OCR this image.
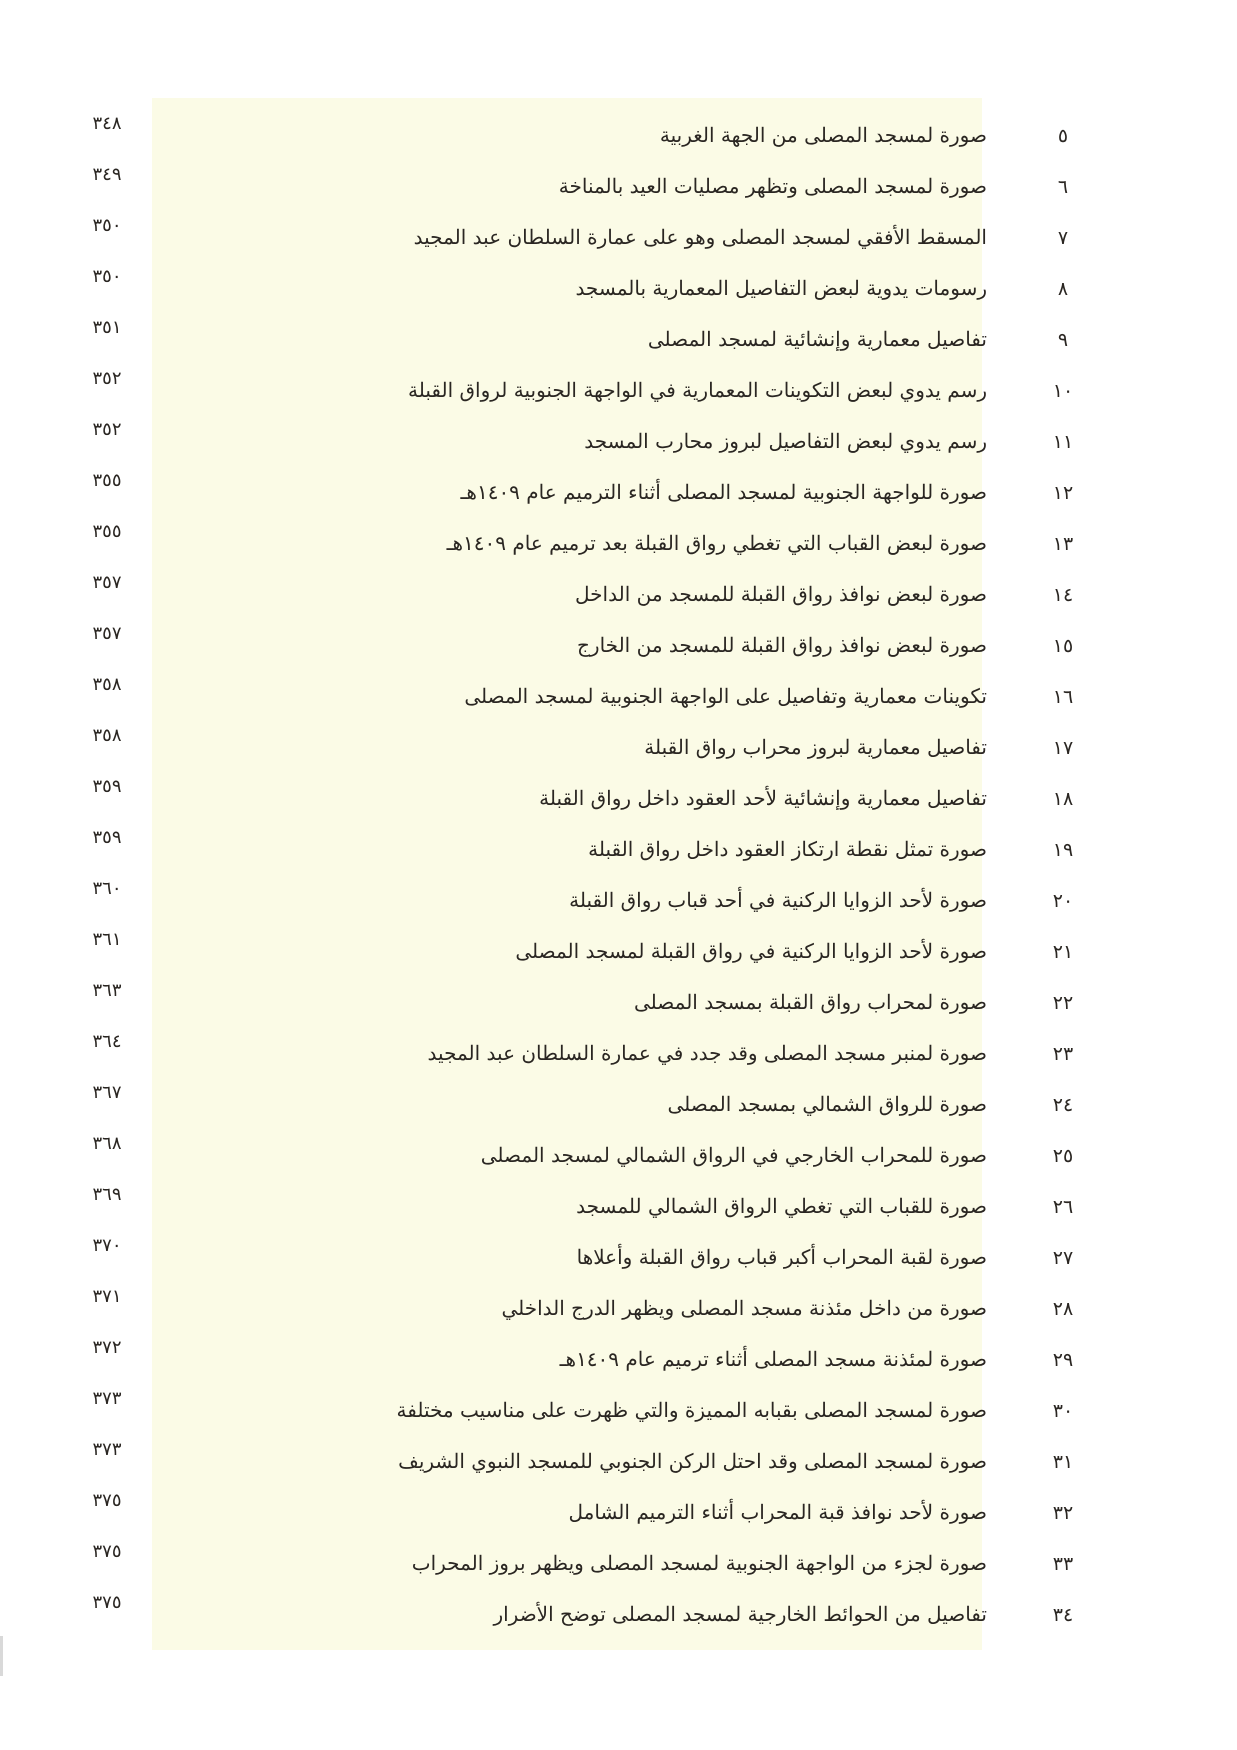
٥
صورة لمسجد المصلى من الجهة الغربية
٣٤٨
٦
صورة لمسجد المصلى وتظهر مصليات العيد بالمناخة
٣٤٩
٧
المسقط الأفقي لمسجد المصلى وهو على عمارة السلطان عبد المجيد
٣٥٠
٨
رسومات يدوية لبعض التفاصيل المعمارية بالمسجد
٣٥٠
٩
تفاصيل معمارية وإنشائية لمسجد المصلى
٣٥١
١٠
رسم يدوي لبعض التكوينات المعمارية في الواجهة الجنوبية لرواق القبلة
٣٥٢
١١
رسم يدوي لبعض التفاصيل لبروز محارب المسجد
٣٥٢
١٢
صورة للواجهة الجنوبية لمسجد المصلى أثناء الترميم عام ١٤٠٩هـ
٣٥٥
١٣
صورة لبعض القباب التي تغطي رواق القبلة بعد ترميم عام ١٤٠٩هـ
٣٥٥
١٤
صورة لبعض نوافذ رواق القبلة للمسجد من الداخل
٣٥٧
١٥
صورة لبعض نوافذ رواق القبلة للمسجد من الخارج
٣٥٧
١٦
تكوينات معمارية وتفاصيل على الواجهة الجنوبية لمسجد المصلى
٣٥٨
١٧
تفاصيل معمارية لبروز محراب رواق القبلة
٣٥٨
١٨
تفاصيل معمارية وإنشائية لأحد العقود داخل رواق القبلة
٣٥٩
١٩
صورة تمثل نقطة ارتكاز العقود داخل رواق القبلة
٣٥٩
٢٠
صورة لأحد الزوايا الركنية في أحد قباب رواق القبلة
٣٦٠
٢١
صورة لأحد الزوايا الركنية في رواق القبلة لمسجد المصلى
٣٦١
٢٢
صورة لمحراب رواق القبلة بمسجد المصلى
٣٦٣
٢٣
صورة لمنبر مسجد المصلى وقد جدد في عمارة السلطان عبد المجيد
٣٦٤
٢٤
صورة للرواق الشمالي بمسجد المصلى
٣٦٧
٢٥
صورة للمحراب الخارجي في الرواق الشمالي لمسجد المصلى
٣٦٨
٢٦
صورة للقباب التي تغطي الرواق الشمالي للمسجد
٣٦٩
٢٧
صورة لقبة المحراب أكبر قباب رواق القبلة وأعلاها
٣٧٠
٢٨
صورة من داخل مئذنة مسجد المصلى ويظهر الدرج الداخلي
٣٧١
٢٩
صورة لمئذنة مسجد المصلى أثناء ترميم عام ١٤٠٩هـ
٣٧٢
٣٠
صورة لمسجد المصلى بقبابه المميزة والتي ظهرت على مناسيب مختلفة
٣٧٣
٣١
صورة لمسجد المصلى وقد احتل الركن الجنوبي للمسجد النبوي الشريف
٣٧٣
٣٢
صورة لأحد نوافذ قبة المحراب أثناء الترميم الشامل
٣٧٥
٣٣
صورة لجزء من الواجهة الجنوبية لمسجد المصلى ويظهر بروز المحراب
٣٧٥
٣٤
تفاصيل من الحوائط الخارجية لمسجد المصلى توضح الأضرار
٣٧٥
